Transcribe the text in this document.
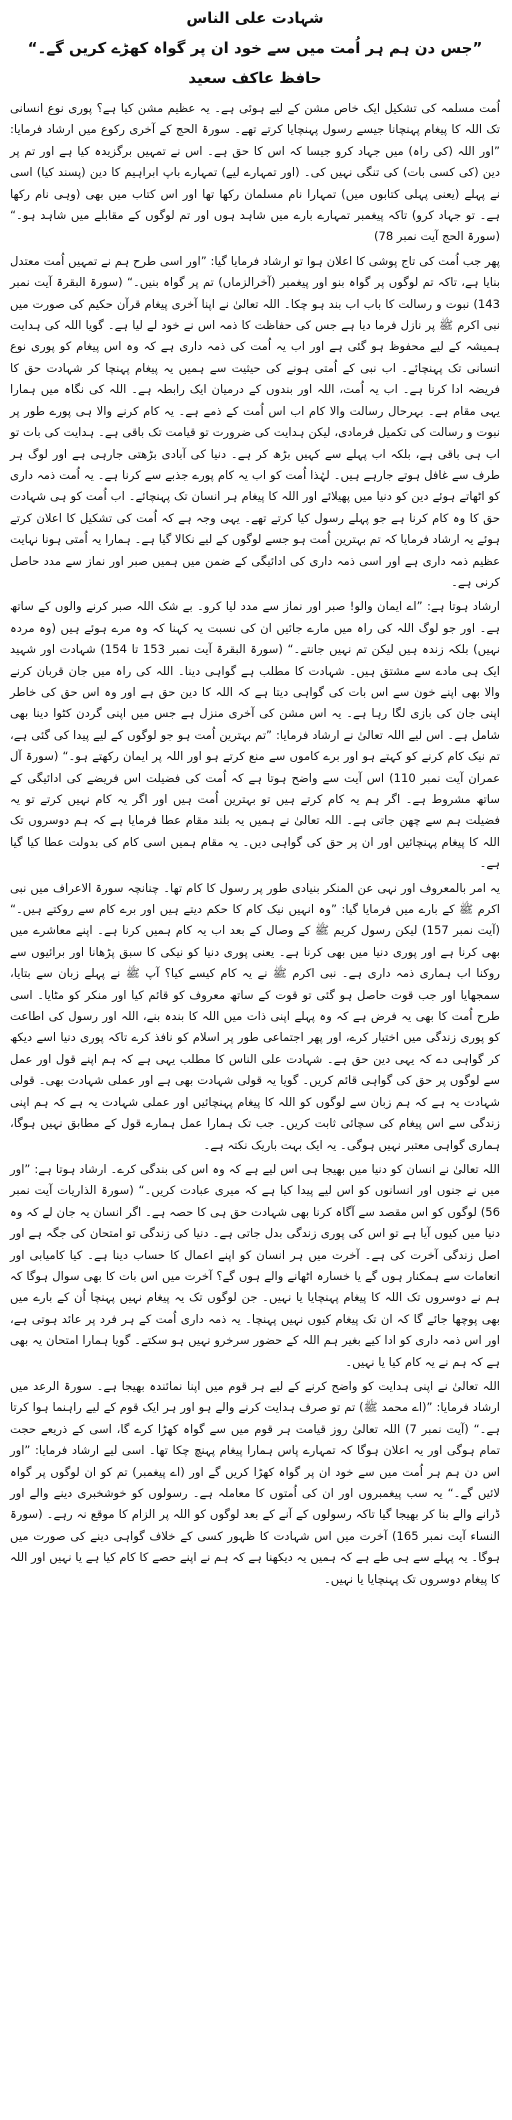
شہادت علی الناس
”جس دن ہم ہر اُمت میں سے خود ان پر گواہ کھڑے کریں گے۔“
حافظ عاکف سعید

اُمت مسلمہ کی تشکیل ایک خاص مشن کے لیے ہوئی ہے۔ یہ عظیم مشن کیا ہے؟ پوری نوع انسانی تک اللہ کا پیغام پہنچانا جیسے رسول پہنچایا کرتے تھے۔ سورۃ الحج کے آخری رکوع میں ارشاد فرمایا: ”اور اللہ (کی راہ) میں جہاد کرو جیسا کہ اس کا حق ہے۔ اس نے تمہیں برگزیدہ کیا ہے اور تم پر دین (کی کسی بات) کی تنگی نہیں کی۔ (اور تمہارے لیے) تمہارے باپ ابراہیم کا دین (پسند کیا) اسی نے پہلے (یعنی پہلی کتابوں میں) تمہارا نام مسلمان رکھا تھا اور اس کتاب میں بھی (وہی نام رکھا ہے۔ تو جہاد کرو) تاکہ پیغمبر تمہارے بارے میں شاہد ہوں اور تم لوگوں کے مقابلے میں شاہد ہو۔“ (سورۃ الحج آیت نمبر 78)

پھر جب اُمت کی تاج پوشی کا اعلان ہوا تو ارشاد فرمایا گیا: ”اور اسی طرح ہم نے تمہیں اُمت معتدل بنایا ہے، تاکہ تم لوگوں پر گواہ بنو اور پیغمبر (آخرالزماں) تم پر گواہ بنیں۔“ (سورۃ البقرۃ آیت نمبر 143) نبوت و رسالت کا باب اب بند ہو چکا۔ اللہ تعالیٰ نے اپنا آخری پیغام قرآن حکیم کی صورت میں نبی اکرم ﷺ پر نازل فرما دیا ہے جس کی حفاظت کا ذمہ اس نے خود لے لیا ہے۔ گویا اللہ کی ہدایت ہمیشہ کے لیے محفوظ ہو گئی ہے اور اب یہ اُمت کی ذمہ داری ہے کہ وہ اس پیغام کو پوری نوع انسانی تک پہنچائے۔ اب نبی کے اُمتی ہونے کی حیثیت سے ہمیں یہ پیغام پہنچا کر شہادت حق کا فریضہ ادا کرنا ہے۔ اب یہ اُمت، اللہ اور بندوں کے درمیان ایک رابطہ ہے۔ اللہ کی نگاہ میں ہمارا یہی مقام ہے۔ بہرحال رسالت والا کام اب اس اُمت کے ذمے ہے۔ یہ کام کرنے والا ہی پورے طور پر نبوت و رسالت کی تکمیل فرمادی، لیکن ہدایت کی ضرورت تو قیامت تک باقی ہے۔ ہدایت کی بات تو اب ہی باقی ہے، بلکہ اب پہلے سے کہیں بڑھ کر ہے۔ دنیا کی آبادی بڑھتی جارہی ہے اور لوگ ہر طرف سے غافل ہوتے جارہے ہیں۔ لہٰذا اُمت کو اب یہ کام پورے جذبے سے کرنا ہے۔ یہ اُمت ذمہ داری کو اٹھاتے ہوئے دین کو دنیا میں پھیلائے اور اللہ کا پیغام ہر انسان تک پہنچائے۔ اب اُمت کو ہی شہادت حق کا وہ کام کرنا ہے جو پہلے رسول کیا کرتے تھے۔ یہی وجہ ہے کہ اُمت کی تشکیل کا اعلان کرتے ہوئے یہ ارشاد فرمایا کہ تم بہترین اُمت ہو جسے لوگوں کے لیے نکالا گیا ہے۔ ہمارا یہ اُمتی ہونا نہایت عظیم ذمہ داری ہے اور اسی ذمہ داری کی ادائیگی کے ضمن میں ہمیں صبر اور نماز سے مدد حاصل کرنی ہے۔

ارشاد ہوتا ہے: ”اے ایمان والو! صبر اور نماز سے مدد لیا کرو۔ بے شک اللہ صبر کرنے والوں کے ساتھ ہے۔ اور جو لوگ اللہ کی راہ میں مارے جائیں ان کی نسبت یہ کہنا کہ وہ مرے ہوئے ہیں (وہ مردہ نہیں) بلکہ زندہ ہیں لیکن تم نہیں جانتے۔“ (سورۃ البقرۃ آیت نمبر 153 تا 154) شہادت اور شہید ایک ہی مادے سے مشتق ہیں۔ شہادت کا مطلب ہے گواہی دینا۔ اللہ کی راہ میں جان قربان کرنے والا بھی اپنے خون سے اس بات کی گواہی دیتا ہے کہ اللہ کا دین حق ہے اور وہ اس حق کی خاطر اپنی جان کی بازی لگا رہا ہے۔ یہ اس مشن کی آخری منزل ہے جس میں اپنی گردن کٹوا دینا بھی شامل ہے۔ اس لیے اللہ تعالیٰ نے ارشاد فرمایا: ”تم بہترین اُمت ہو جو لوگوں کے لیے پیدا کی گئی ہے، تم نیک کام کرنے کو کہتے ہو اور برے کاموں سے منع کرتے ہو اور اللہ پر ایمان رکھتے ہو۔“ (سورۃ آل عمران آیت نمبر 110) اس آیت سے واضح ہوتا ہے کہ اُمت کی فضیلت اس فریضے کی ادائیگی کے ساتھ مشروط ہے۔ اگر ہم یہ کام کرتے ہیں تو بہترین اُمت ہیں اور اگر یہ کام نہیں کرتے تو یہ فضیلت ہم سے چھن جاتی ہے۔ اللہ تعالیٰ نے ہمیں یہ بلند مقام عطا فرمایا ہے کہ ہم دوسروں تک اللہ کا پیغام پہنچائیں اور ان پر حق کی گواہی دیں۔ یہ مقام ہمیں اسی کام کی بدولت عطا کیا گیا ہے۔

یہ امر بالمعروف اور نہی عن المنکر بنیادی طور پر رسول کا کام تھا۔ چنانچہ سورۃ الاعراف میں نبی اکرم ﷺ کے بارے میں فرمایا گیا: ”وہ انہیں نیک کام کا حکم دیتے ہیں اور برے کام سے روکتے ہیں۔“ (آیت نمبر 157) لیکن رسول کریم ﷺ کے وصال کے بعد اب یہ کام ہمیں کرنا ہے۔ اپنے معاشرے میں بھی کرنا ہے اور پوری دنیا میں بھی کرنا ہے۔ یعنی پوری دنیا کو نیکی کا سبق پڑھانا اور برائیوں سے روکنا اب ہماری ذمہ داری ہے۔ نبی اکرم ﷺ نے یہ کام کیسے کیا؟ آپ ﷺ نے پہلے زبان سے بتایا، سمجھایا اور جب قوت حاصل ہو گئی تو قوت کے ساتھ معروف کو قائم کیا اور منکر کو مٹایا۔ اسی طرح اُمت کا بھی یہ فرض ہے کہ وہ پہلے اپنی ذات میں اللہ کا بندہ بنے، اللہ اور رسول کی اطاعت کو پوری زندگی میں اختیار کرے، اور پھر اجتماعی طور پر اسلام کو نافذ کرے تاکہ پوری دنیا اسے دیکھ کر گواہی دے کہ یہی دین حق ہے۔ شہادت علی الناس کا مطلب یہی ہے کہ ہم اپنے قول اور عمل سے لوگوں پر حق کی گواہی قائم کریں۔ گویا یہ قولی شہادت بھی ہے اور عملی شہادت بھی۔ قولی شہادت یہ ہے کہ ہم زبان سے لوگوں کو اللہ کا پیغام پہنچائیں اور عملی شہادت یہ ہے کہ ہم اپنی زندگی سے اس پیغام کی سچائی ثابت کریں۔ جب تک ہمارا عمل ہمارے قول کے مطابق نہیں ہوگا، ہماری گواہی معتبر نہیں ہوگی۔ یہ ایک بہت باریک نکتہ ہے۔

اللہ تعالیٰ نے انسان کو دنیا میں بھیجا ہی اس لیے ہے کہ وہ اس کی بندگی کرے۔ ارشاد ہوتا ہے: ”اور میں نے جنوں اور انسانوں کو اس لیے پیدا کیا ہے کہ میری عبادت کریں۔“ (سورۃ الذاریات آیت نمبر 56) لوگوں کو اس مقصد سے آگاہ کرنا بھی شہادت حق ہی کا حصہ ہے۔ اگر انسان یہ جان لے کہ وہ دنیا میں کیوں آیا ہے تو اس کی پوری زندگی بدل جاتی ہے۔ دنیا کی زندگی تو امتحان کی جگہ ہے اور اصل زندگی آخرت کی ہے۔ آخرت میں ہر انسان کو اپنے اعمال کا حساب دینا ہے۔ کیا کامیابی اور انعامات سے ہمکنار ہوں گے یا خسارہ اٹھانے والے ہوں گے؟ آخرت میں اس بات کا بھی سوال ہوگا کہ ہم نے دوسروں تک اللہ کا پیغام پہنچایا یا نہیں۔ جن لوگوں تک یہ پیغام نہیں پہنچا اُن کے بارے میں بھی پوچھا جائے گا کہ ان تک پیغام کیوں نہیں پہنچا۔ یہ ذمہ داری اُمت کے ہر فرد پر عائد ہوتی ہے، اور اس ذمہ داری کو ادا کیے بغیر ہم اللہ کے حضور سرخرو نہیں ہو سکتے۔ گویا ہمارا امتحان یہ بھی ہے کہ ہم نے یہ کام کیا یا نہیں۔

اللہ تعالیٰ نے اپنی ہدایت کو واضح کرنے کے لیے ہر قوم میں اپنا نمائندہ بھیجا ہے۔ سورۃ الرعد میں ارشاد فرمایا: ”(اے محمد ﷺ) تم تو صرف ہدایت کرنے والے ہو اور ہر ایک قوم کے لیے راہنما ہوا کرتا ہے۔“ (آیت نمبر 7) اللہ تعالیٰ روز قیامت ہر قوم میں سے گواہ کھڑا کرے گا، اسی کے ذریعے حجت تمام ہوگی اور یہ اعلان ہوگا کہ تمہارے پاس ہمارا پیغام پہنچ چکا تھا۔ اسی لیے ارشاد فرمایا: ”اور اس دن ہم ہر اُمت میں سے خود ان پر گواہ کھڑا کریں گے اور (اے پیغمبر) تم کو ان لوگوں پر گواہ لائیں گے۔“ یہ سب پیغمبروں اور ان کی اُمتوں کا معاملہ ہے۔ رسولوں کو خوشخبری دینے والے اور ڈرانے والے بنا کر بھیجا گیا تاکہ رسولوں کے آنے کے بعد لوگوں کو اللہ پر الزام کا موقع نہ رہے۔ (سورۃ النساء آیت نمبر 165) آخرت میں اس شہادت کا ظہور کسی کے خلاف گواہی دینے کی صورت میں ہوگا۔ یہ پہلے سے ہی طے ہے کہ ہمیں یہ دیکھنا ہے کہ ہم نے اپنے حصے کا کام کیا ہے یا نہیں اور اللہ کا پیغام دوسروں تک پہنچایا یا نہیں۔
